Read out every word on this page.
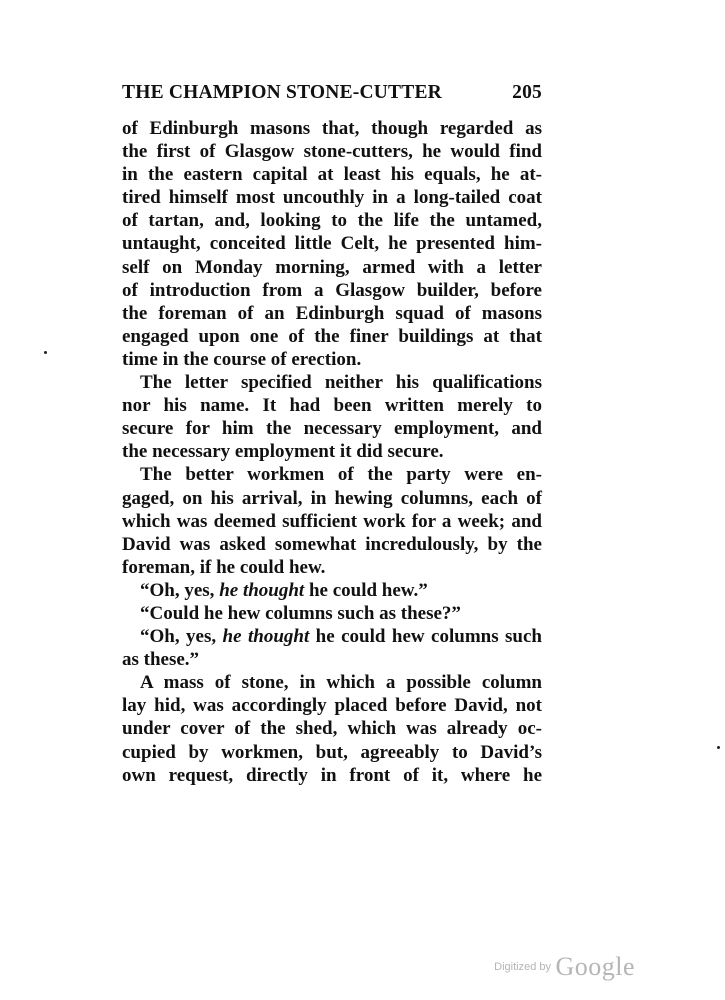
THE CHAMPION STONE-CUTTER	205
of Edinburgh masons that, though regarded as
the first of Glasgow stone-cutters, he would find
in the eastern capital at least his equals, he at-
tired himself most uncouthly in a long-tailed coat
of tartan, and, looking to the life the untamed,
untaught, conceited little Celt, he presented him-
self on Monday morning, armed with a letter
of introduction from a Glasgow builder, before
the foreman of an Edinburgh squad of masons
engaged upon one of the finer buildings at that
time in the course of erection.
The letter specified neither his qualifications
nor his name. It had been written merely to
secure for him the necessary employment, and
the necessary employment it did secure.
The better workmen of the party were en-
gaged, on his arrival, in hewing columns, each of
which was deemed sufficient work for a week; and
David was asked somewhat incredulously, by the
foreman, if he could hew.
“Oh, yes, he thought he could hew.”
“Could he hew columns such as these?”
“Oh, yes, he thought he could hew columns such
as these.”
A mass of stone, in which a possible column
lay hid, was accordingly placed before David, not
under cover of the shed, which was already oc-
cupied by workmen, but, agreeably to David’s
own request, directly in front of it, where he
Digitized by Google
